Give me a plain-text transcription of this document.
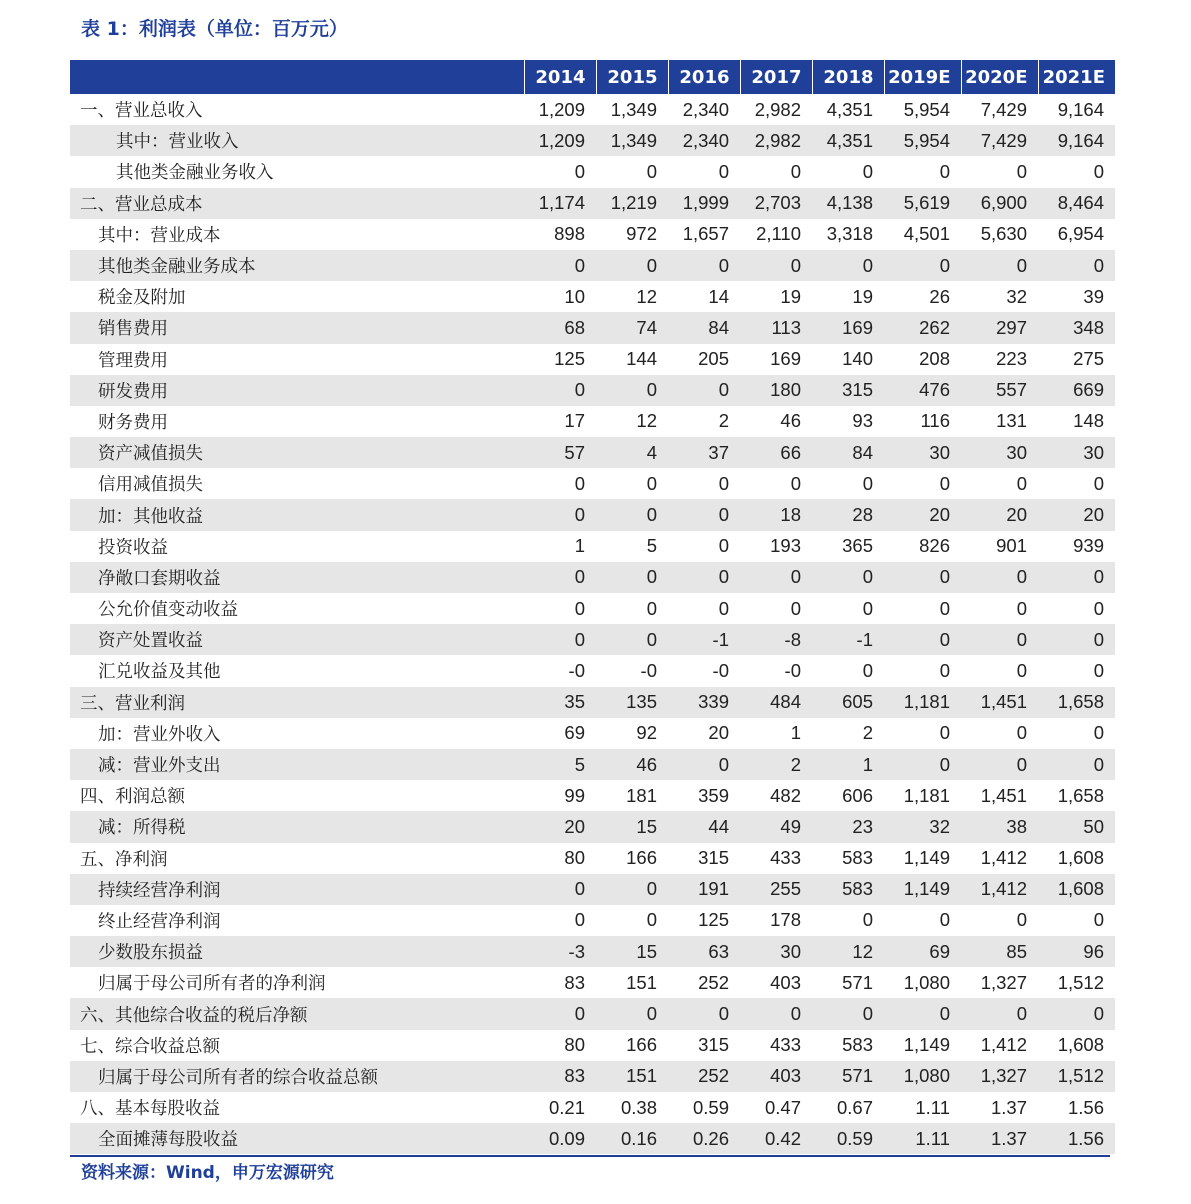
表 1：利润表（单位：百万元）
	2014	2015	2016	2017	2018	2019E	2020E	2021E
一、营业总收入	1,209	1,349	2,340	2,982	4,351	5,954	7,429	9,164
其中：营业收入	1,209	1,349	2,340	2,982	4,351	5,954	7,429	9,164
其他类金融业务收入	0	0	0	0	0	0	0	0
二、营业总成本	1,174	1,219	1,999	2,703	4,138	5,619	6,900	8,464
其中：营业成本	898	972	1,657	2,110	3,318	4,501	5,630	6,954
其他类金融业务成本	0	0	0	0	0	0	0	0
税金及附加	10	12	14	19	19	26	32	39
销售费用	68	74	84	113	169	262	297	348
管理费用	125	144	205	169	140	208	223	275
研发费用	0	0	0	180	315	476	557	669
财务费用	17	12	2	46	93	116	131	148
资产减值损失	57	4	37	66	84	30	30	30
信用减值损失	0	0	0	0	0	0	0	0
加：其他收益	0	0	0	18	28	20	20	20
投资收益	1	5	0	193	365	826	901	939
净敞口套期收益	0	0	0	0	0	0	0	0
公允价值变动收益	0	0	0	0	0	0	0	0
资产处置收益	0	0	-1	-8	-1	0	0	0
汇兑收益及其他	-0	-0	-0	-0	0	0	0	0
三、营业利润	35	135	339	484	605	1,181	1,451	1,658
加：营业外收入	69	92	20	1	2	0	0	0
减：营业外支出	5	46	0	2	1	0	0	0
四、利润总额	99	181	359	482	606	1,181	1,451	1,658
减：所得税	20	15	44	49	23	32	38	50
五、净利润	80	166	315	433	583	1,149	1,412	1,608
持续经营净利润	0	0	191	255	583	1,149	1,412	1,608
终止经营净利润	0	0	125	178	0	0	0	0
少数股东损益	-3	15	63	30	12	69	85	96
归属于母公司所有者的净利润	83	151	252	403	571	1,080	1,327	1,512
六、其他综合收益的税后净额	0	0	0	0	0	0	0	0
七、综合收益总额	80	166	315	433	583	1,149	1,412	1,608
归属于母公司所有者的综合收益总额	83	151	252	403	571	1,080	1,327	1,512
八、基本每股收益	0.21	0.38	0.59	0.47	0.67	1.11	1.37	1.56
全面摊薄每股收益	0.09	0.16	0.26	0.42	0.59	1.11	1.37	1.56
资料来源：Wind，申万宏源研究
